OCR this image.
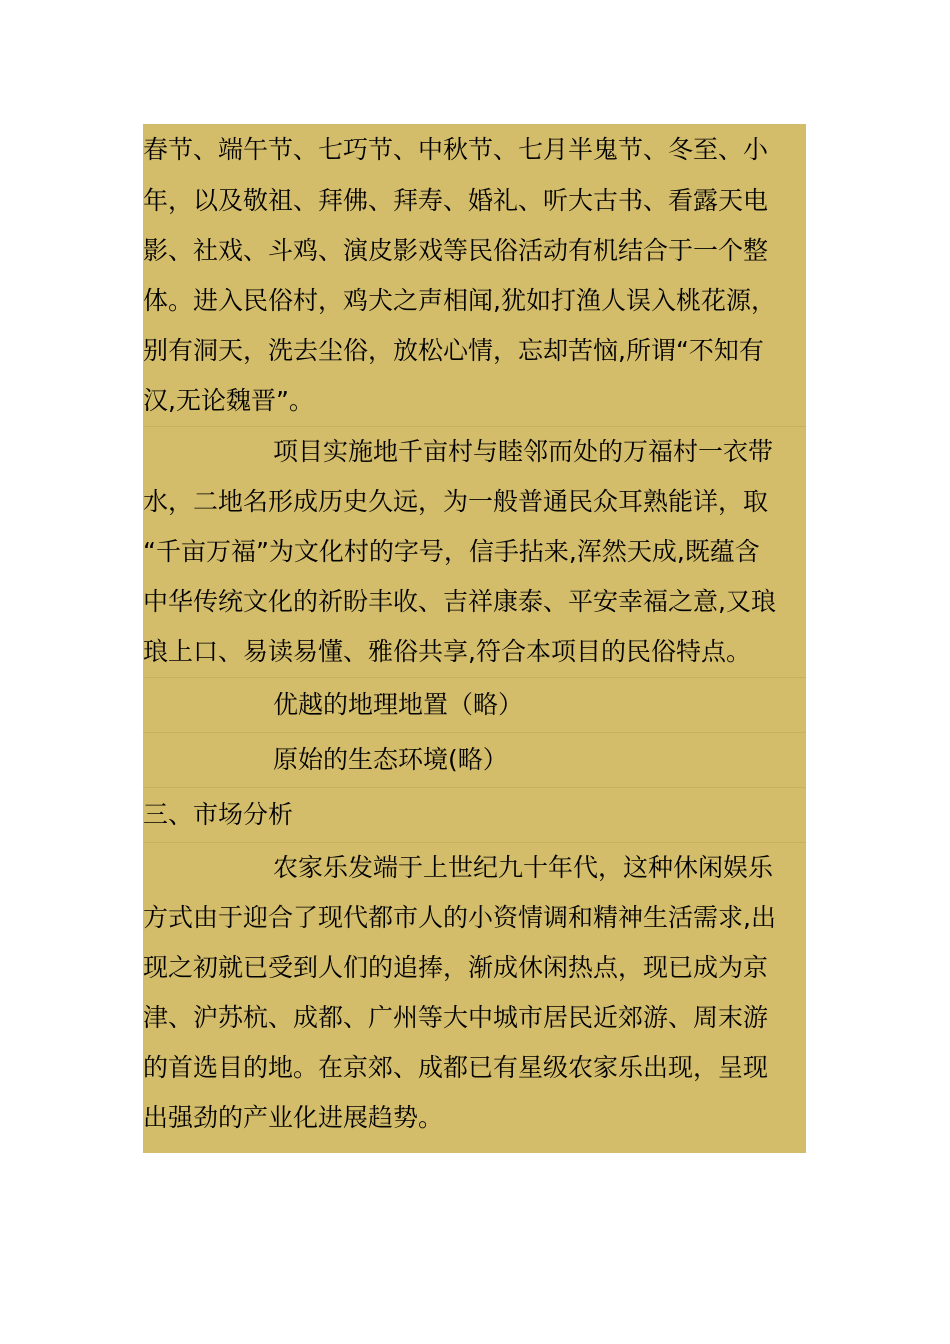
春节、端午节、七巧节、中秋节、七月半鬼节、冬至、小
年，以及敬祖、拜佛、拜寿、婚礼、听大古书、看露天电
影、社戏、斗鸡、演皮影戏等民俗活动有机结合于一个整
体。进入民俗村，鸡犬之声相闻,犹如打渔人误入桃花源，
别有洞天，洗去尘俗，放松心情，忘却苦恼,所谓“不知有
汉,无论魏晋”。
项目实施地千亩村与睦邻而处的万福村一衣带
水，二地名形成历史久远，为一般普通民众耳熟能详，取
“千亩万福”为文化村的字号，信手拈来,浑然天成,既蕴含
中华传统文化的祈盼丰收、吉祥康泰、平安幸福之意,又琅
琅上口、易读易懂、雅俗共享,符合本项目的民俗特点。
优越的地理地置（略）
原始的生态环境(略）
三、市场分析
农家乐发端于上世纪九十年代，这种休闲娱乐
方式由于迎合了现代都市人的小资情调和精神生活需求,出
现之初就已受到人们的追捧，渐成休闲热点，现已成为京
津、沪苏杭、成都、广州等大中城市居民近郊游、周末游
的首选目的地。在京郊、成都已有星级农家乐出现，呈现
出强劲的产业化进展趋势。
